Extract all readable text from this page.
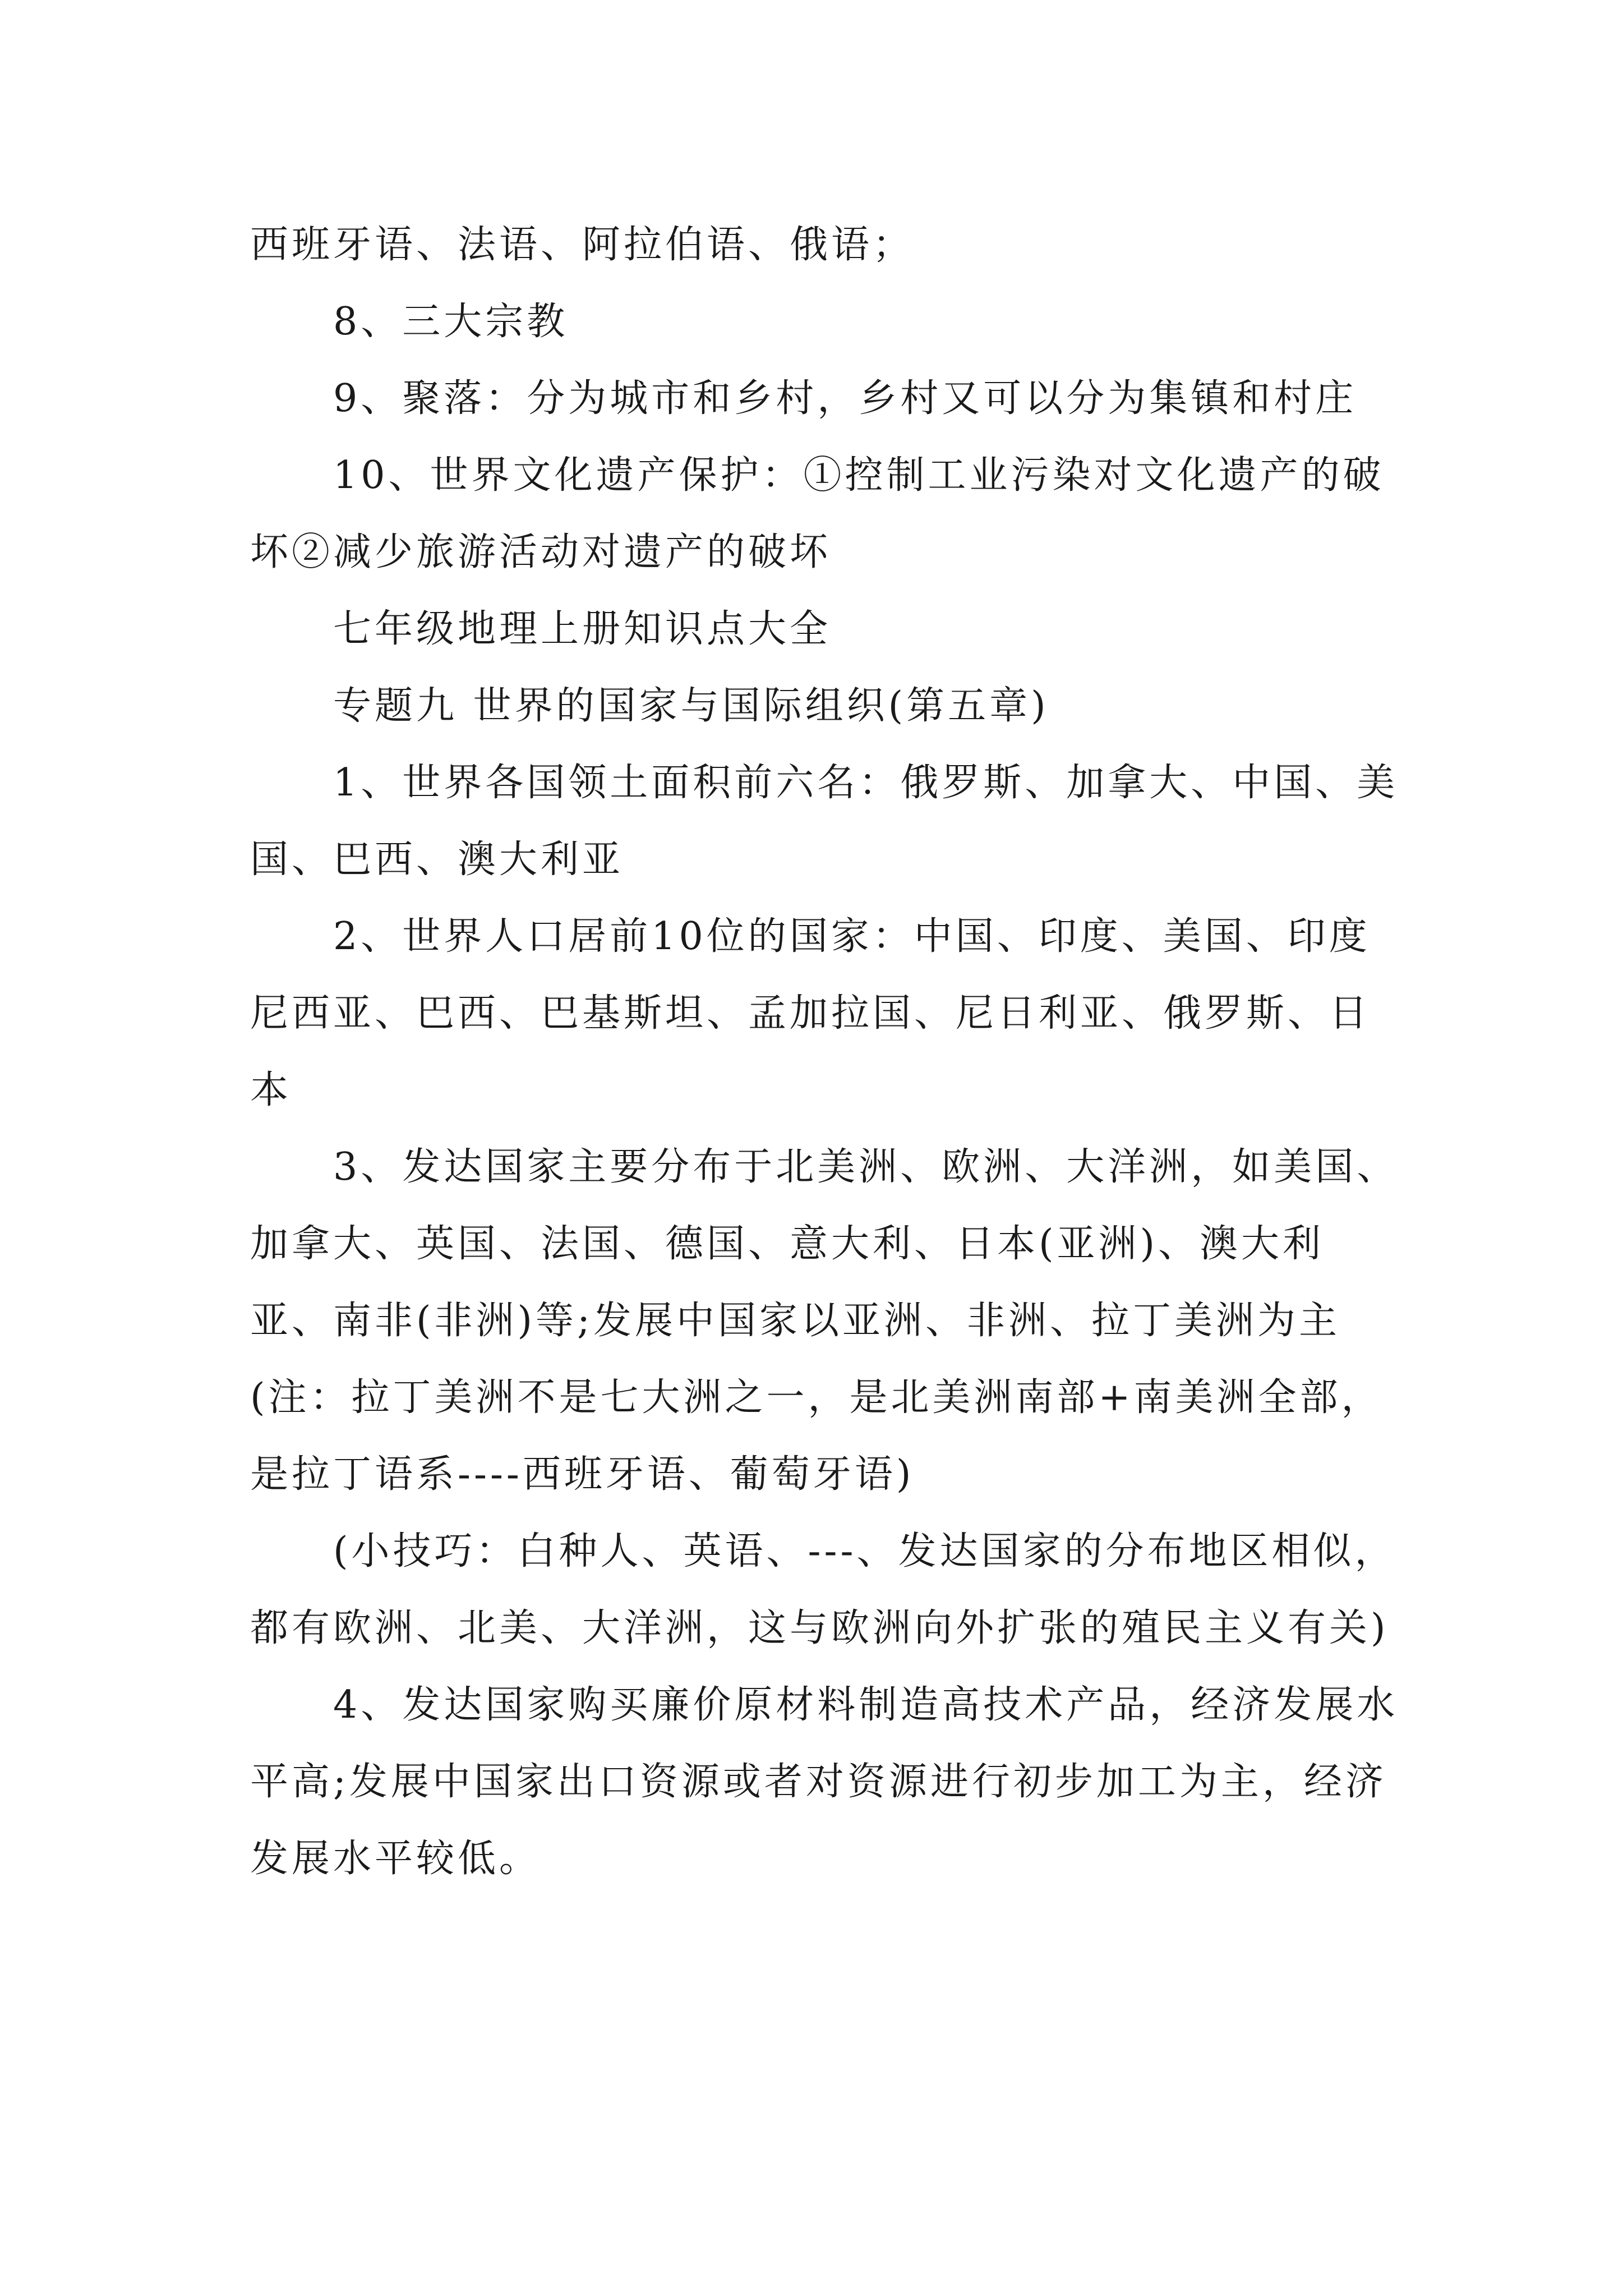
西班牙语、法语、阿拉伯语、俄语；

8、三大宗教

9、聚落：分为城市和乡村，乡村又可以分为集镇和村庄

10、世界文化遗产保护：①控制工业污染对文化遗产的破坏②减少旅游活动对遗产的破坏

七年级地理上册知识点大全

专题九 世界的国家与国际组织(第五章)

1、世界各国领土面积前六名：俄罗斯、加拿大、中国、美国、巴西、澳大利亚

2、世界人口居前10位的国家：中国、印度、美国、印度尼西亚、巴西、巴基斯坦、孟加拉国、尼日利亚、俄罗斯、日本

3、发达国家主要分布于北美洲、欧洲、大洋洲，如美国、加拿大、英国、法国、德国、意大利、日本(亚洲)、澳大利亚、南非(非洲)等;发展中国家以亚洲、非洲、拉丁美洲为主(注：拉丁美洲不是七大洲之一，是北美洲南部+南美洲全部，是拉丁语系----西班牙语、葡萄牙语)

(小技巧：白种人、英语、---、发达国家的分布地区相似，都有欧洲、北美、大洋洲，这与欧洲向外扩张的殖民主义有关)

4、发达国家购买廉价原材料制造高技术产品，经济发展水平高;发展中国家出口资源或者对资源进行初步加工为主，经济发展水平较低。
